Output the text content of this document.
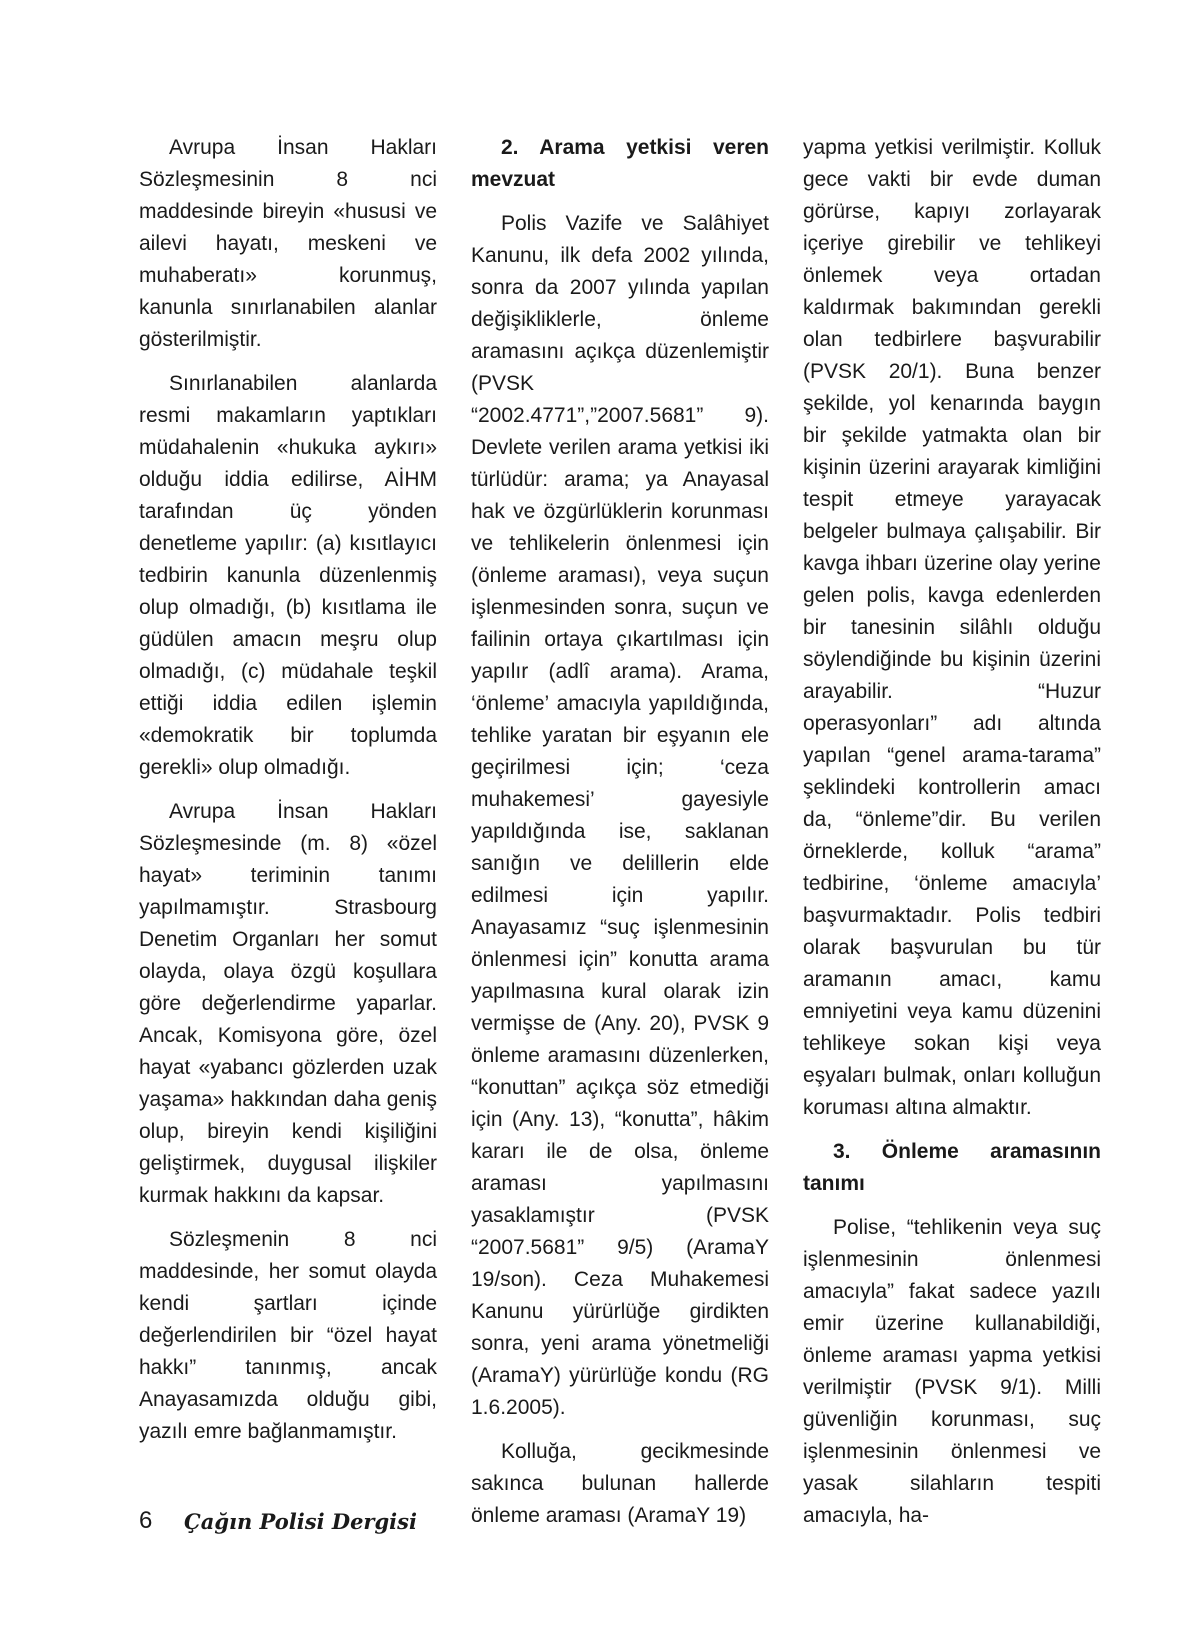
Avrupa İnsan Hakları Sözleşmesinin 8 nci maddesinde bireyin «hususi ve ailevi hayatı, meskeni ve muhaberatı» korunmuş, kanunla sınırlanabilen alanlar gösterilmiştir.

Sınırlanabilen alanlarda resmi makamların yaptıkları müdahalenin «hukuka aykırı» olduğu iddia edilirse, AİHM tarafından üç yönden denetleme yapılır: (a) kısıtlayıcı tedbirin kanunla düzenlenmiş olup olmadığı, (b) kısıtlama ile güdülen amacın meşru olup olmadığı, (c) müdahale teşkil ettiği iddia edilen işlemin «demokratik bir toplumda gerekli» olup olmadığı.

Avrupa İnsan Hakları Sözleşmesinde (m. 8) «özel hayat» teriminin tanımı yapılmamıştır. Strasbourg Denetim Organları her somut olayda, olaya özgü koşullara göre değerlendirme yaparlar. Ancak, Komisyona göre, özel hayat «yabancı gözlerden uzak yaşama» hakkından daha geniş olup, bireyin kendi kişiliğini geliştirmek, duygusal ilişkiler kurmak hakkını da kapsar.

Sözleşmenin 8 nci maddesinde, her somut olayda kendi şartları içinde değerlendirilen bir “özel hayat hakkı” tanınmış, ancak Anayasamızda olduğu gibi, yazılı emre bağlanmamıştır.

2. Arama yetkisi veren mevzuat

Polis Vazife ve Salâhiyet Kanunu, ilk defa 2002 yılında, sonra da 2007 yılında yapılan değişikliklerle, önleme aramasını açıkça düzenlemiştir (PVSK “2002.4771”,”2007.5681” 9). Devlete verilen arama yetkisi iki türlüdür: arama; ya Anayasal hak ve özgürlüklerin korunması ve tehlikelerin önlenmesi için (önleme araması), veya suçun işlenmesinden sonra, suçun ve failinin ortaya çıkartılması için yapılır (adlî arama). Arama, ‘önleme’ amacıyla yapıldığında, tehlike yaratan bir eşyanın ele geçirilmesi için; ‘ceza muhakemesi’ gayesiyle yapıldığında ise, saklanan sanığın ve delillerin elde edilmesi için yapılır. Anayasamız “suç işlenmesinin önlenmesi için” konutta arama yapılmasına kural olarak izin vermişse de (Any. 20), PVSK 9 önleme aramasını düzenlerken, “konuttan” açıkça söz etmediği için (Any. 13), “konutta”, hâkim kararı ile de olsa, önleme araması yapılmasını yasaklamıştır (PVSK “2007.5681” 9/5) (AramaY 19/son). Ceza Muhakemesi Kanunu yürürlüğe girdikten sonra, yeni arama yönetmeliği (AramaY) yürürlüğe kondu (RG 1.6.2005).

Kolluğa, gecikmesinde sakınca bulunan hallerde önleme araması (AramaY 19)

yapma yetkisi verilmiştir. Kolluk gece vakti bir evde duman görürse, kapıyı zorlayarak içeriye girebilir ve tehlikeyi önlemek veya ortadan kaldırmak bakımından gerekli olan tedbirlere başvurabilir (PVSK 20/1). Buna benzer şekilde, yol kenarında baygın bir şekilde yatmakta olan bir kişinin üzerini arayarak kimliğini tespit etmeye yarayacak belgeler bulmaya çalışabilir. Bir kavga ihbarı üzerine olay yerine gelen polis, kavga edenlerden bir tanesinin silâhlı olduğu söylendiğinde bu kişinin üzerini arayabilir. “Huzur operasyonları” adı altında yapılan “genel arama-tarama” şeklindeki kontrollerin amacı da, “önleme”dir. Bu verilen örneklerde, kolluk “arama” tedbirine, ‘önleme amacıyla’ başvurmaktadır. Polis tedbiri olarak başvurulan bu tür aramanın amacı, kamu emniyetini veya kamu düzenini tehlikeye sokan kişi veya eşyaları bulmak, onları kolluğun koruması altına almaktır.

3. Önleme aramasının tanımı

Polise, “tehlikenin veya suç işlenmesinin önlenmesi amacıyla” fakat sadece yazılı emir üzerine kullanabildiği, önleme araması yapma yetkisi verilmiştir (PVSK 9/1). Milli güvenliğin korunması, suç işlenmesinin önlenmesi ve yasak silahların tespiti amacıyla, ha-

6 Çağın Polisi Dergisi
